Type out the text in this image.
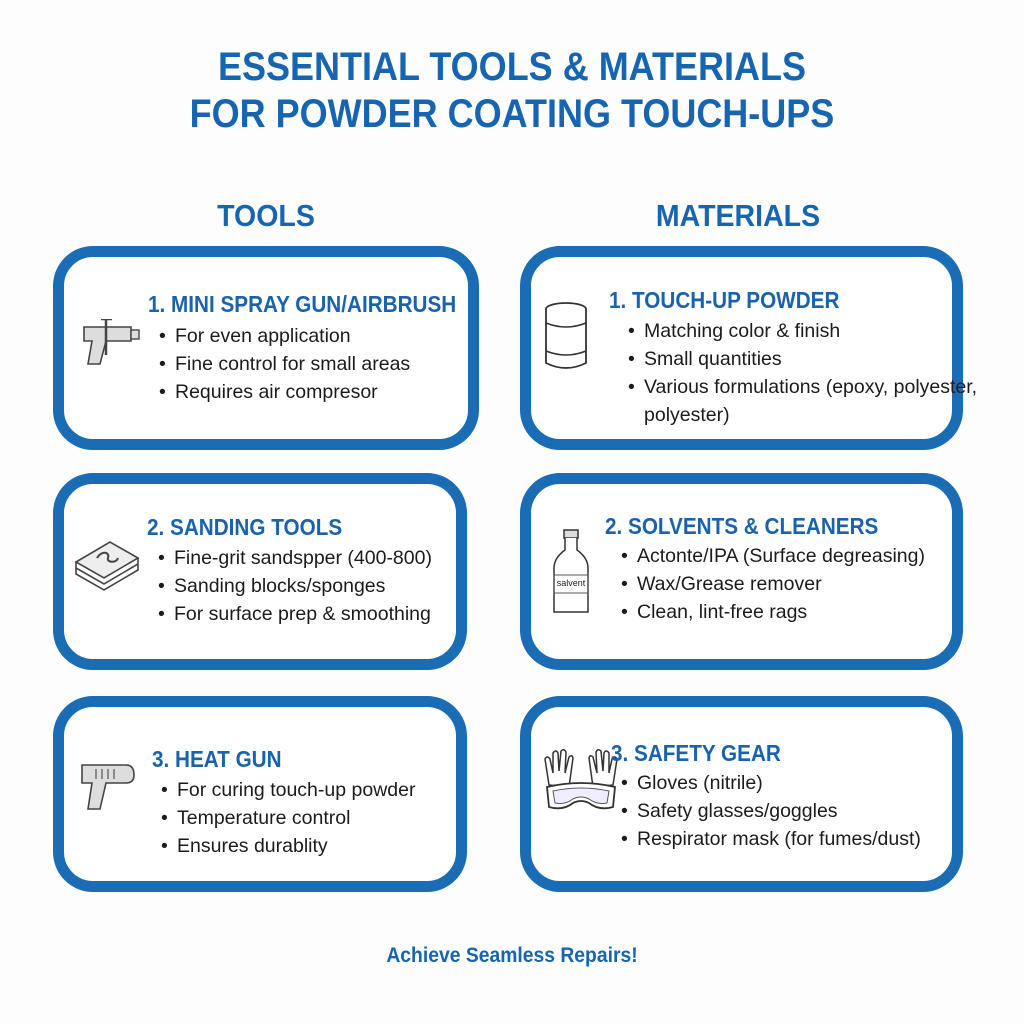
ESSENTIAL TOOLS & MATERIALS
FOR POWDER COATING TOUCH-UPS
TOOLS	MATERIALS
1. MINI SPRAY GUN/AIRBRUSH
• For even application
• Fine control for small areas
• Requires air compresor
2. SANDING TOOLS
• Fine-grit sandspper (400-800)
• Sanding blocks/sponges
• For surface prep & smoothing
3. HEAT GUN
• For curing touch-up powder
• Temperature control
• Ensures durablity
1. TOUCH-UP POWDER
• Matching color & finish
• Small quantities
• Various formulations (epoxy, polyester, polyester)
salvent
2. SOLVENTS & CLEANERS
• Actonte/IPA (Surface degreasing)
• Wax/Grease remover
• Clean, lint-free rags
3. SAFETY GEAR
• Gloves (nitrile)
• Safety glasses/goggles
• Respirator mask (for fumes/dust)
Achieve Seamless Repairs!
